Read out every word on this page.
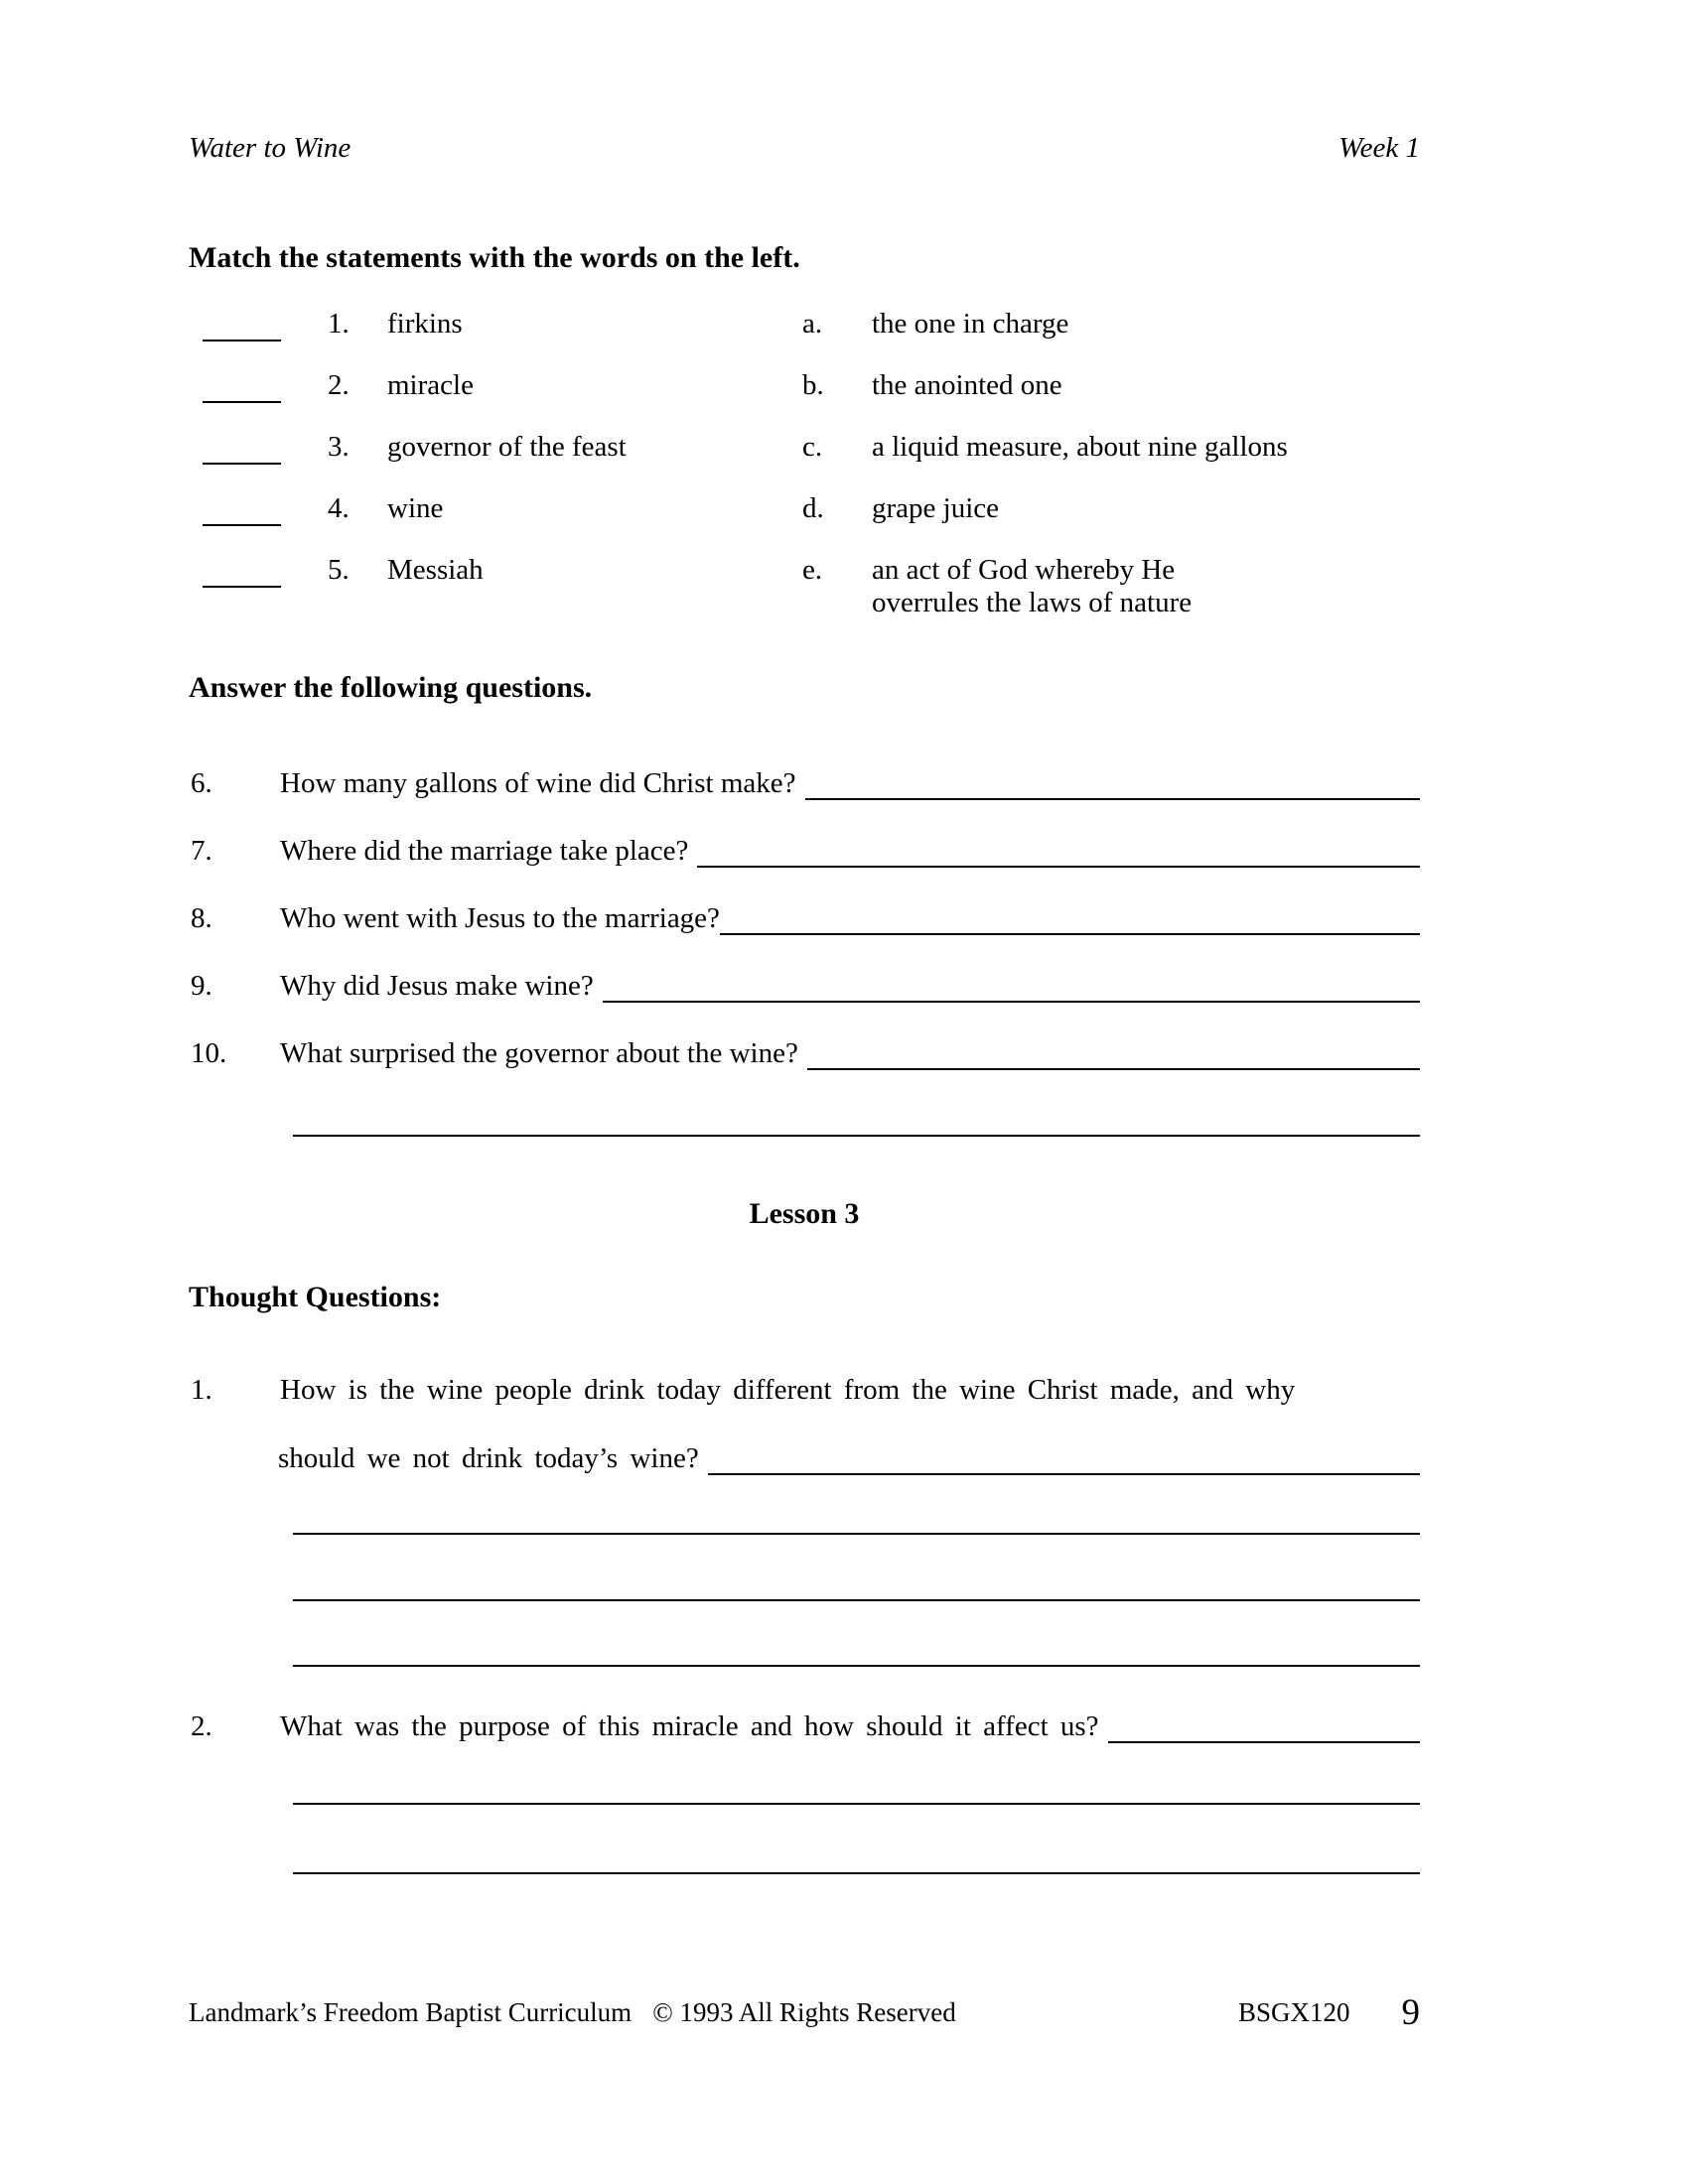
Water to Wine	Week 1
Match the statements with the words on the left.
1.	firkins	a.	the one in charge
2.	miracle	b.	the anointed one
3.	governor of the feast	c.	a liquid measure, about nine gallons
4.	wine	d.	grape juice
5.	Messiah	e.	an act of God whereby He overrules the laws of nature
Answer the following questions.
6.	How many gallons of wine did Christ make?
7.	Where did the marriage take place?
8.	Who went with Jesus to the marriage?
9.	Why did Jesus make wine?
10.	What surprised the governor about the wine?
Lesson 3
Thought Questions:
1.	How is the wine people drink today different from the wine Christ made, and why
should we not drink today’s wine?
2.	What was the purpose of this miracle and how should it affect us?
Landmark’s Freedom Baptist Curriculum © 1993 All Rights Reserved	BSGX120 9
